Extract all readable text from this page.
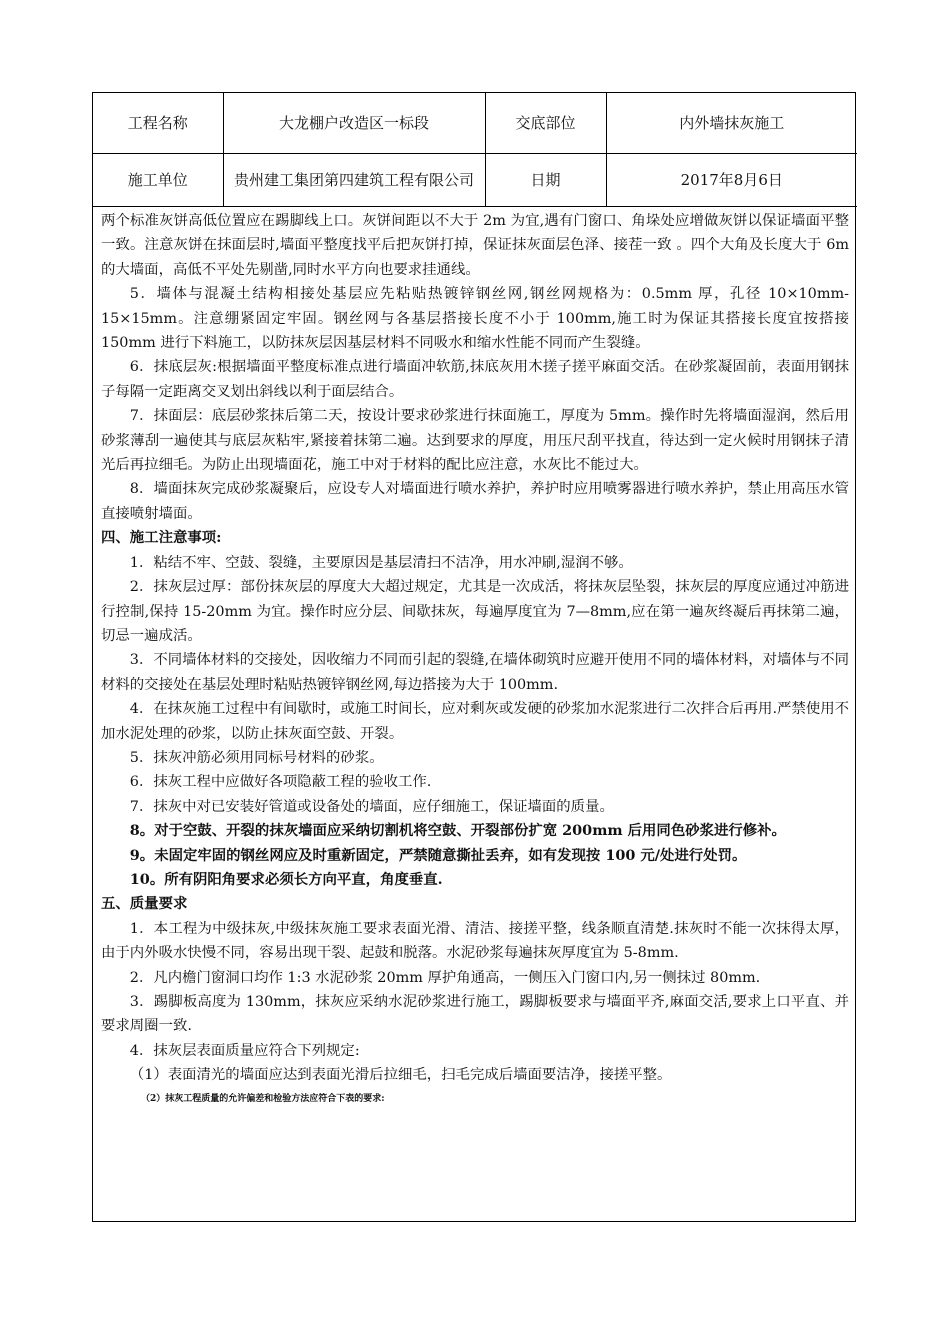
工程名称	大龙棚户改造区一标段	交底部位	内外墙抹灰施工
施工单位	贵州建工集团第四建筑工程有限公司	日期	2017年8月6日

两个标准灰饼高低位置应在踢脚线上口。灰饼间距以不大于 2m 为宜,遇有门窗口、角垛处应增做灰饼以保证墙面平整一致。注意灰饼在抹面层时,墙面平整度找平后把灰饼打掉，保证抹灰面层色泽、接茬一致 。四个大角及长度大于 6m 的大墙面，高低不平处先剔凿,同时水平方向也要求挂通线。

5．墙体与混凝土结构相接处基层应先粘贴热镀锌钢丝网,钢丝网规格为：0.5mm 厚，孔径 10×10mm-15×15mm。注意绷紧固定牢固。钢丝网与各基层搭接长度不小于 100mm,施工时为保证其搭接长度宜按搭接 150mm 进行下料施工，以防抹灰层因基层材料不同吸水和缩水性能不同而产生裂缝。

6．抹底层灰:根据墙面平整度标准点进行墙面冲软筋,抹底灰用木搓子搓平麻面交活。在砂浆凝固前，表面用钢抹子每隔一定距离交叉划出斜线以利于面层结合。

7．抹面层：底层砂浆抹后第二天，按设计要求砂浆进行抹面施工，厚度为 5mm。操作时先将墙面湿润，然后用砂浆薄刮一遍使其与底层灰粘牢,紧接着抹第二遍。达到要求的厚度，用压尺刮平找直，待达到一定火候时用钢抹子清光后再拉细毛。为防止出现墙面花，施工中对于材料的配比应注意，水灰比不能过大。

8．墙面抹灰完成砂浆凝聚后，应设专人对墙面进行喷水养护，养护时应用喷雾器进行喷水养护，禁止用高压水管直接喷射墙面。

四、施工注意事项:

1．粘结不牢、空鼓、裂缝，主要原因是基层清扫不洁净，用水冲刷,湿润不够。

2．抹灰层过厚：部份抹灰层的厚度大大超过规定，尤其是一次成活，将抹灰层坠裂，抹灰层的厚度应通过冲筋进行控制,保持 15-20mm 为宜。操作时应分层、间歇抹灰，每遍厚度宜为 7—8mm,应在第一遍灰终凝后再抹第二遍，切忌一遍成活。

3．不同墙体材料的交接处，因收缩力不同而引起的裂缝,在墙体砌筑时应避开使用不同的墙体材料，对墙体与不同材料的交接处在基层处理时粘贴热镀锌钢丝网,每边搭接为大于 100mm.

4．在抹灰施工过程中有间歇时，或施工时间长，应对剩灰或发硬的砂浆加水泥浆进行二次拌合后再用.严禁使用不加水泥处理的砂浆，以防止抹灰面空鼓、开裂。

5．抹灰冲筋必须用同标号材料的砂浆。

6．抹灰工程中应做好各项隐蔽工程的验收工作.

7．抹灰中对已安装好管道或设备处的墙面，应仔细施工，保证墙面的质量。

8。对于空鼓、开裂的抹灰墙面应采纳切割机将空鼓、开裂部份扩宽 200mm 后用同色砂浆进行修补。

9。未固定牢固的钢丝网应及时重新固定，严禁随意撕扯丢弃，如有发现按 100 元/处进行处罚。

10。所有阴阳角要求必须长方向平直，角度垂直.

五、质量要求

1．本工程为中级抹灰,中级抹灰施工要求表面光滑、清洁、接搓平整，线条顺直清楚.抹灰时不能一次抹得太厚，由于内外吸水快慢不同，容易出现干裂、起鼓和脱落。水泥砂浆每遍抹灰厚度宜为 5-8mm.

2．凡内檐门窗洞口均作 1:3 水泥砂浆 20mm 厚护角通高，一侧压入门窗口内,另一侧抹过 80mm.

3．踢脚板高度为 130mm，抹灰应采纳水泥砂浆进行施工，踢脚板要求与墙面平齐,麻面交活,要求上口平直、并要求周圈一致.

4．抹灰层表面质量应符合下列规定:

（1）表面清光的墙面应达到表面光滑后拉细毛，扫毛完成后墙面要洁净，接搓平整。

（2）抹灰工程质量的允许偏差和检验方法应符合下表的要求:
